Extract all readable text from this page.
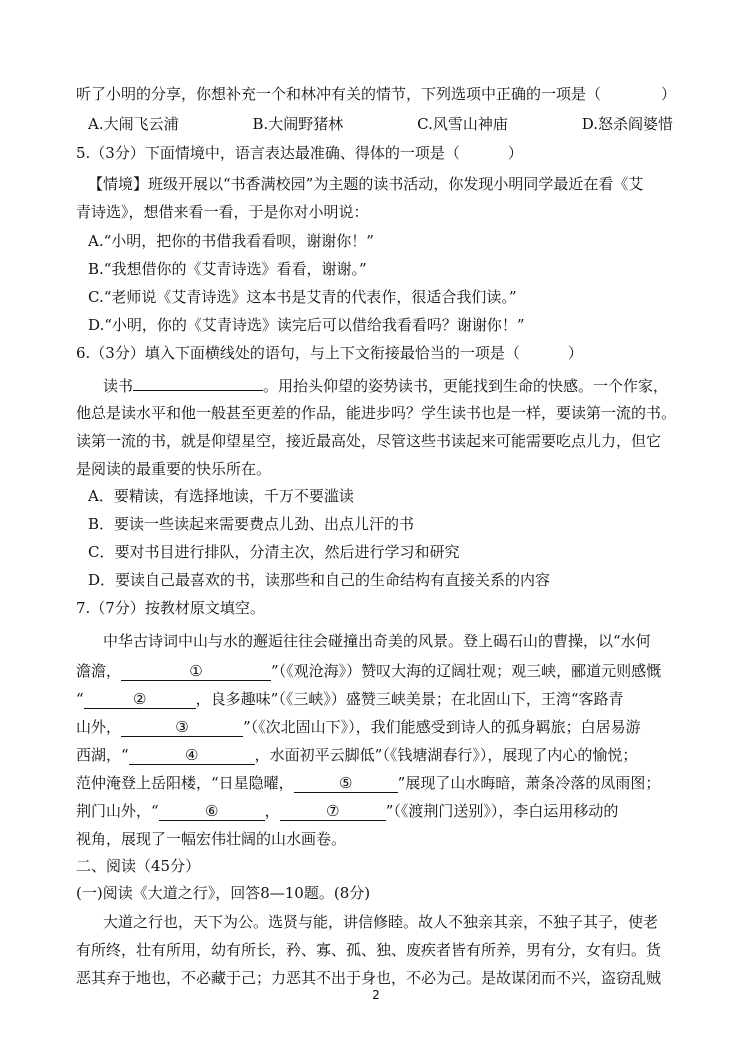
听了小明的分享，你想补充一个和林冲有关的情节，下列选项中正确的一项是（　　　　）
A.大闹飞云浦	B.大闹野猪林	C.风雪山神庙	D.怒杀阎婆惜
5.（3分）下面情境中，语言表达最准确、得体的一项是（	）
【情境】班级开展以“书香满校园”为主题的读书活动，你发现小明同学最近在看《艾
青诗选》，想借来看一看，于是你对小明说：
A.“小明，把你的书借我看看呗，谢谢你！”
B.“我想借你的《艾青诗选》看看，谢谢。”
C.“老师说《艾青诗选》这本书是艾青的代表作，很适合我们读。”
D.“小明，你的《艾青诗选》读完后可以借给我看看吗？谢谢你！”
6.（3分）填入下面横线处的语句，与上下文衔接最恰当的一项是（	）
读书	。用抬头仰望的姿势读书，更能找到生命的快感。一个作家，
他总是读水平和他一般甚至更差的作品，能进步吗？学生读书也是一样，要读第一流的书。
读第一流的书，就是仰望星空，接近最高处，尽管这些书读起来可能需要吃点儿力，但它
是阅读的最重要的快乐所在。
A．要精读，有选择地读，千万不要滥读
B．要读一些读起来需要费点儿劲、出点儿汗的书
C．要对书目进行排队，分清主次，然后进行学习和研究
D．要读自己最喜欢的书，读那些和自己的生命结构有直接关系的内容
7.（7分）按教材原文填空。
中华古诗词中山与水的邂逅往往会碰撞出奇美的风景。登上碣石山的曹操，以“水何
澹澹，	①	”（《观沧海》）赞叹大海的辽阔壮观；观三峡，郦道元则感慨
“	②	，良多趣味”（《三峡》）盛赞三峡美景；在北固山下，王湾“客路青
山外，	③	”（《次北固山下》），我们能感受到诗人的孤身羁旅；白居易游
西湖，“	④	，水面初平云脚低”（《钱塘湖春行》），展现了内心的愉悦；
范仲淹登上岳阳楼，“日星隐曜，	⑤	”展现了山水晦暗，萧条冷落的凤雨图；
荆门山外，“	⑥	，	⑦	”（《渡荆门送别》），李白运用移动的
视角，展现了一幅宏伟壮阔的山水画卷。
二、阅读（45分）
(一)阅读《大道之行》，回答8—10题。(8分)
大道之行也，天下为公。选贤与能，讲信修睦。故人不独亲其亲，不独子其子，使老
有所终，壮有所用，幼有所长，矜、寡、孤、独、废疾者皆有所养，男有分，女有归。货
恶其弃于地也，不必藏于己；力恶其不出于身也，不必为己。是故谋闭而不兴，盗窃乱贼
2
